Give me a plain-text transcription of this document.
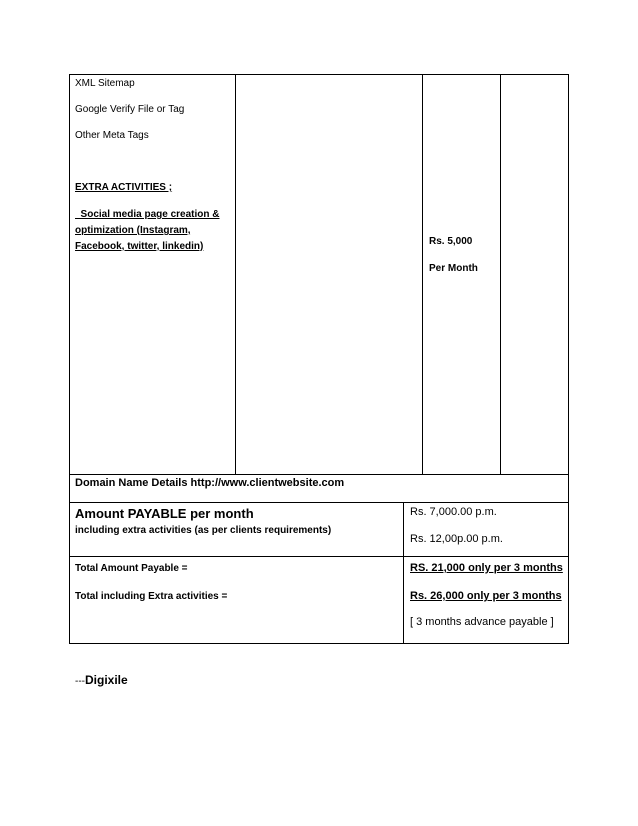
XML Sitemap
Google Verify File or Tag
Other Meta Tags
EXTRA ACTIVITIES ;
Social media page creation &
optimization (Instagram,
Facebook, twitter, linkedin)	Rs. 5,000
Per Month
Domain Name Details http://www.clientwebsite.com
Amount PAYABLE per month
including extra activities (as per clients requirements)
Rs. 7,000.00 p.m.
Rs. 12,00p.00 p.m.
Total Amount Payable =
Total including Extra activities =
RS. 21,000 only per 3 months
Rs. 26,000 only per 3 months
[ 3 months advance payable ]
---Digixile
